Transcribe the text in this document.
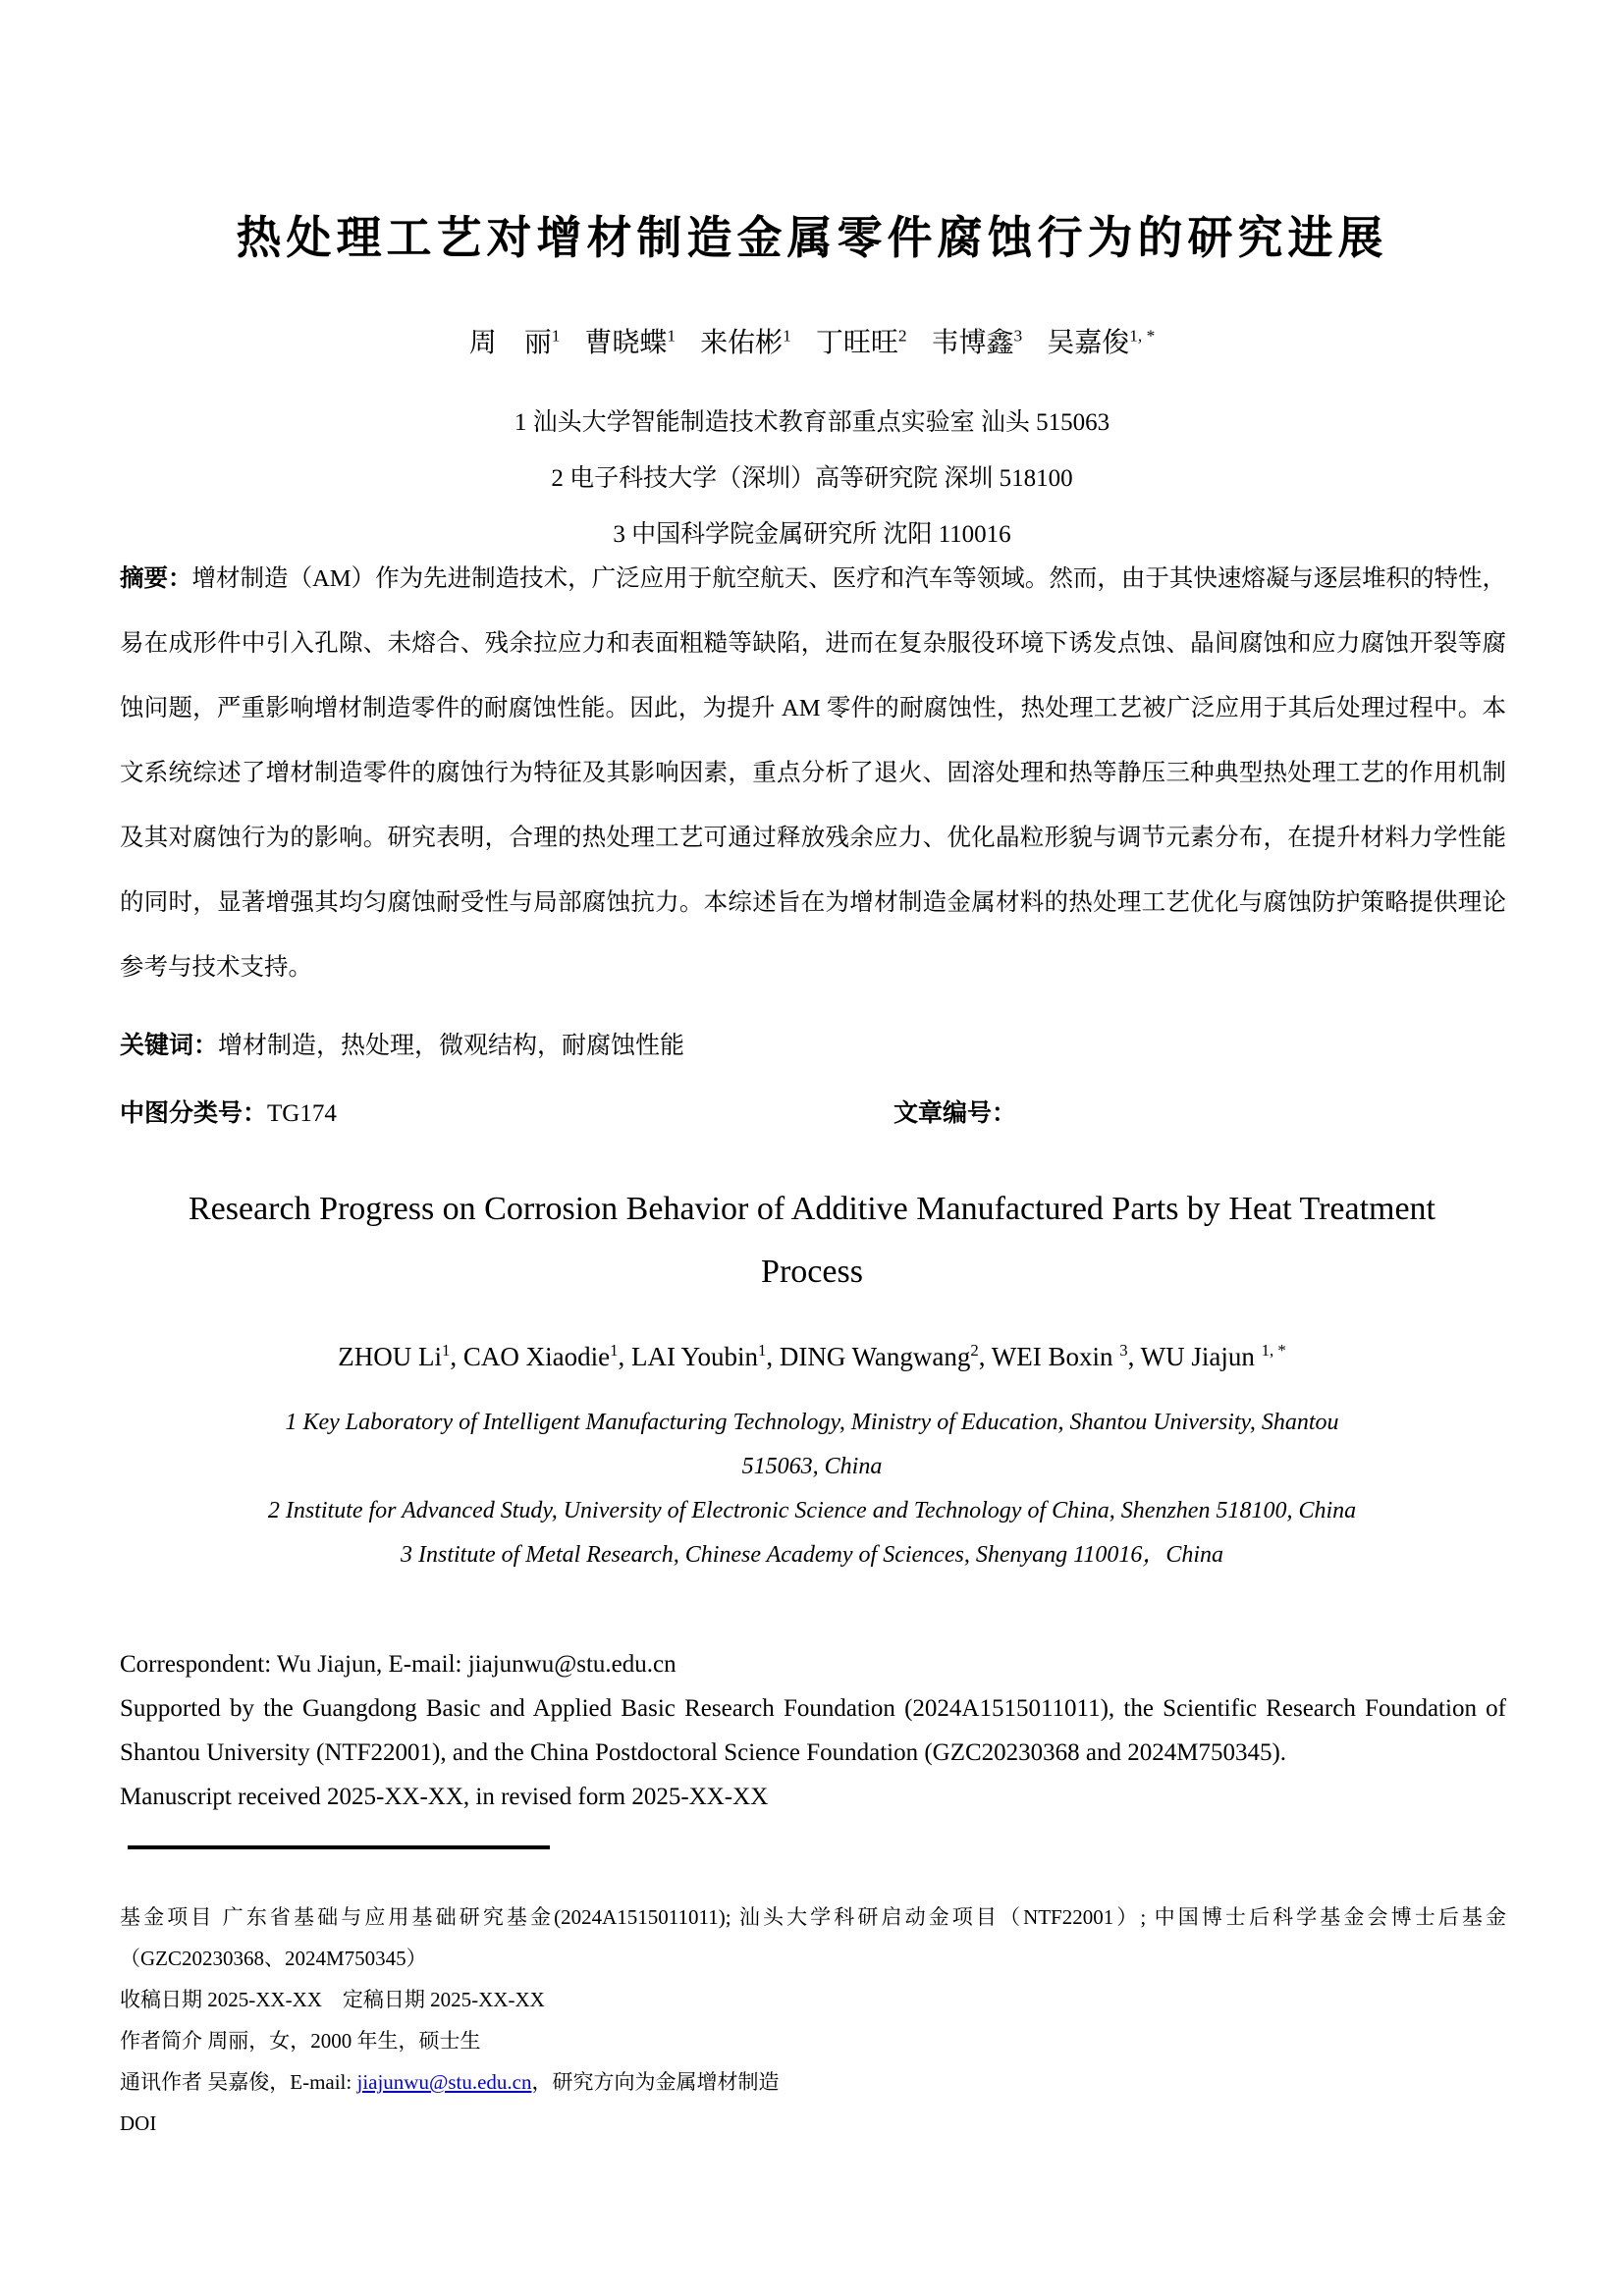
热处理工艺对增材制造金属零件腐蚀行为的研究进展
周　丽$^1$ 曹晓蝶$^1$ 来佑彬$^1$ 丁旺旺$^2$ 韦博鑫$^3$ 吴嘉俊$^{1, *}$
1 汕头大学智能制造技术教育部重点实验室 汕头 515063
2 电子科技大学（深圳）高等研究院 深圳 518100
3 中国科学院金属研究所 沈阳 110016
摘要：增材制造（AM）作为先进制造技术，广泛应用于航空航天、医疗和汽车等领域。然而，由于其快速熔凝与逐层堆积的特性，易在成形件中引入孔隙、未熔合、残余拉应力和表面粗糙等缺陷，进而在复杂服役环境下诱发点蚀、晶间腐蚀和应力腐蚀开裂等腐蚀问题，严重影响增材制造零件的耐腐蚀性能。因此，为提升 AM 零件的耐腐蚀性，热处理工艺被广泛应用于其后处理过程中。本文系统综述了增材制造零件的腐蚀行为特征及其影响因素，重点分析了退火、固溶处理和热等静压三种典型热处理工艺的作用机制及其对腐蚀行为的影响。研究表明，合理的热处理工艺可通过释放残余应力、优化晶粒形貌与调节元素分布，在提升材料力学性能的同时，显著增强其均匀腐蚀耐受性与局部腐蚀抗力。本综述旨在为增材制造金属材料的热处理工艺优化与腐蚀防护策略提供理论参考与技术支持。
关键词：增材制造，热处理，微观结构，耐腐蚀性能
中图分类号：TG174	文章编号：
Research Progress on Corrosion Behavior of Additive Manufactured Parts by Heat Treatment Process
ZHOU Li$^1$, CAO Xiaodie$^1$, LAI Youbin$^1$, DING Wangwang$^2$, WEI Boxin $^3$, WU Jiajun $^{1, *}$
1 Key Laboratory of Intelligent Manufacturing Technology, Ministry of Education, Shantou University, Shantou
515063, China
2 Institute for Advanced Study, University of Electronic Science and Technology of China, Shenzhen 518100, China
3 Institute of Metal Research, Chinese Academy of Sciences, Shenyang 110016，China

Correspondent: Wu Jiajun, E-mail: jiajunwu@stu.edu.cn

Supported by the Guangdong Basic and Applied Basic Research Foundation (2024A1515011011), the Scientific Research Foundation of Shantou University (NTF22001), and the China Postdoctoral Science Foundation (GZC20230368 and 2024M750345).

Manuscript received 2025-XX-XX, in revised form 2025-XX-XX

基金项目 广东省基础与应用基础研究基金(2024A1515011011); 汕头大学科研启动金项目（NTF22001）; 中国博士后科学基金会博士后基金（GZC20230368、2024M750345）

收稿日期 2025-XX-XX　定稿日期 2025-XX-XX

作者简介 周丽，女，2000 年生，硕士生

通讯作者 吴嘉俊，E-mail: jiajunwu@stu.edu.cn，研究方向为金属增材制造

DOI
